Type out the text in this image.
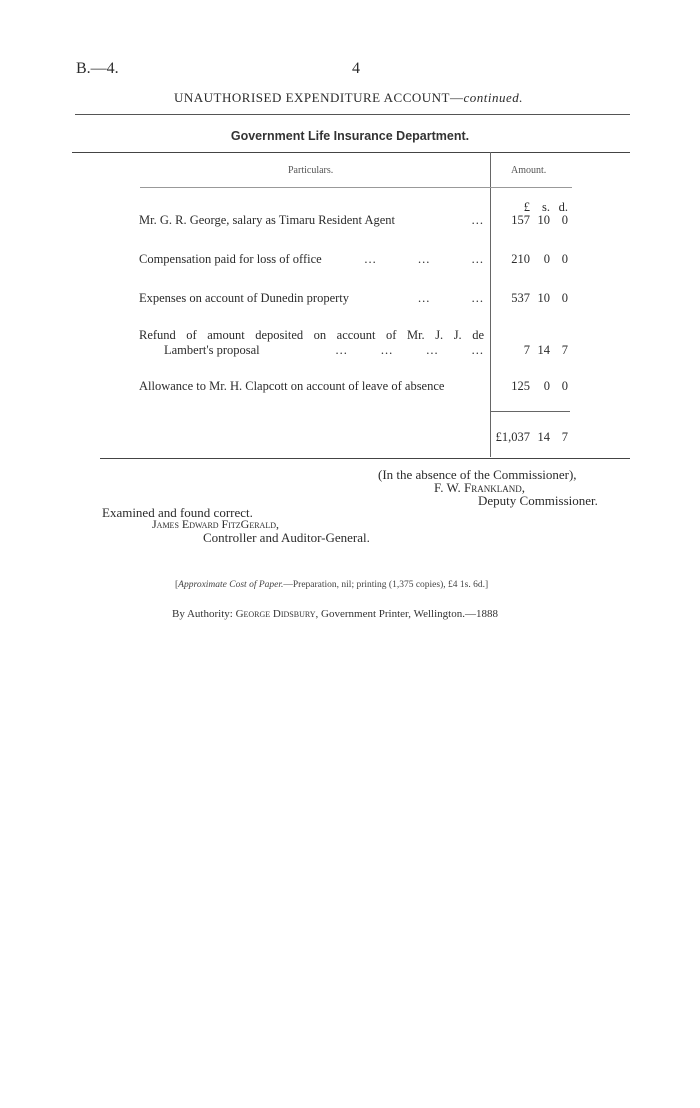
B.—4.	4
UNAUTHORISED EXPENDITURE ACCOUNT—continued.
Government Life Insurance Department.
Particulars.	Amount.
£ s. d.
Mr. G. R. George, salary as Timaru Resident Agent	...	157 10 0
Compensation paid for loss of office	...          ...          ...	210	0 0
Expenses on account of Dunedin property	...          ...	537 10 0
Refund of amount deposited on account of Mr. J. J. de
Lambert's proposal	...        ...        ...        ...	7 14 7
Allowance to Mr. H. Clapcott on account of leave of absence	125	0 0
£1,037 14 7
(In the absence of the Commissioner),
F. W. Frankland,
Deputy Commissioner.
Examined and found correct.
James Edward FitzGerald,
Controller and Auditor-General.
[Approximate Cost of Paper.—Preparation, nil; printing (1,375 copies), £4 1s. 6d.]
By Authority: George Didsbury, Government Printer, Wellington.—1888
